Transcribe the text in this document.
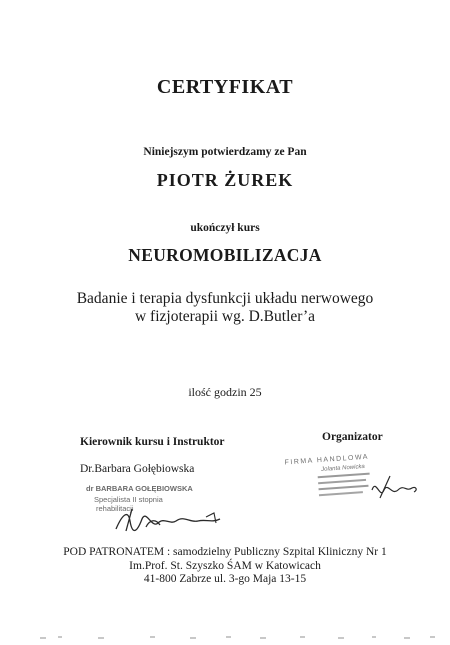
CERTYFIKAT
Niniejszym potwierdzamy ze Pan
PIOTR ŻUREK
ukończył kurs
NEUROMOBILIZACJA
Badanie i terapia dysfunkcji układu nerwowego
w fizjoterapii wg. D.Butler’a
ilość godzin 25
Kierownik kursu i Instruktor	Organizator
Dr.Barbara Gołębiowska
dr BARBARA GOŁĘBIOWSKA
Specjalista II stopnia
rehabilitacji
FIRMA HANDLOWA
Jolanta Nowicka
POD PATRONATEM : samodzielny Publiczny Szpital Kliniczny Nr 1
Im.Prof. St. Szyszko ŚAM w Katowicach
41-800 Zabrze ul. 3-go Maja 13-15
